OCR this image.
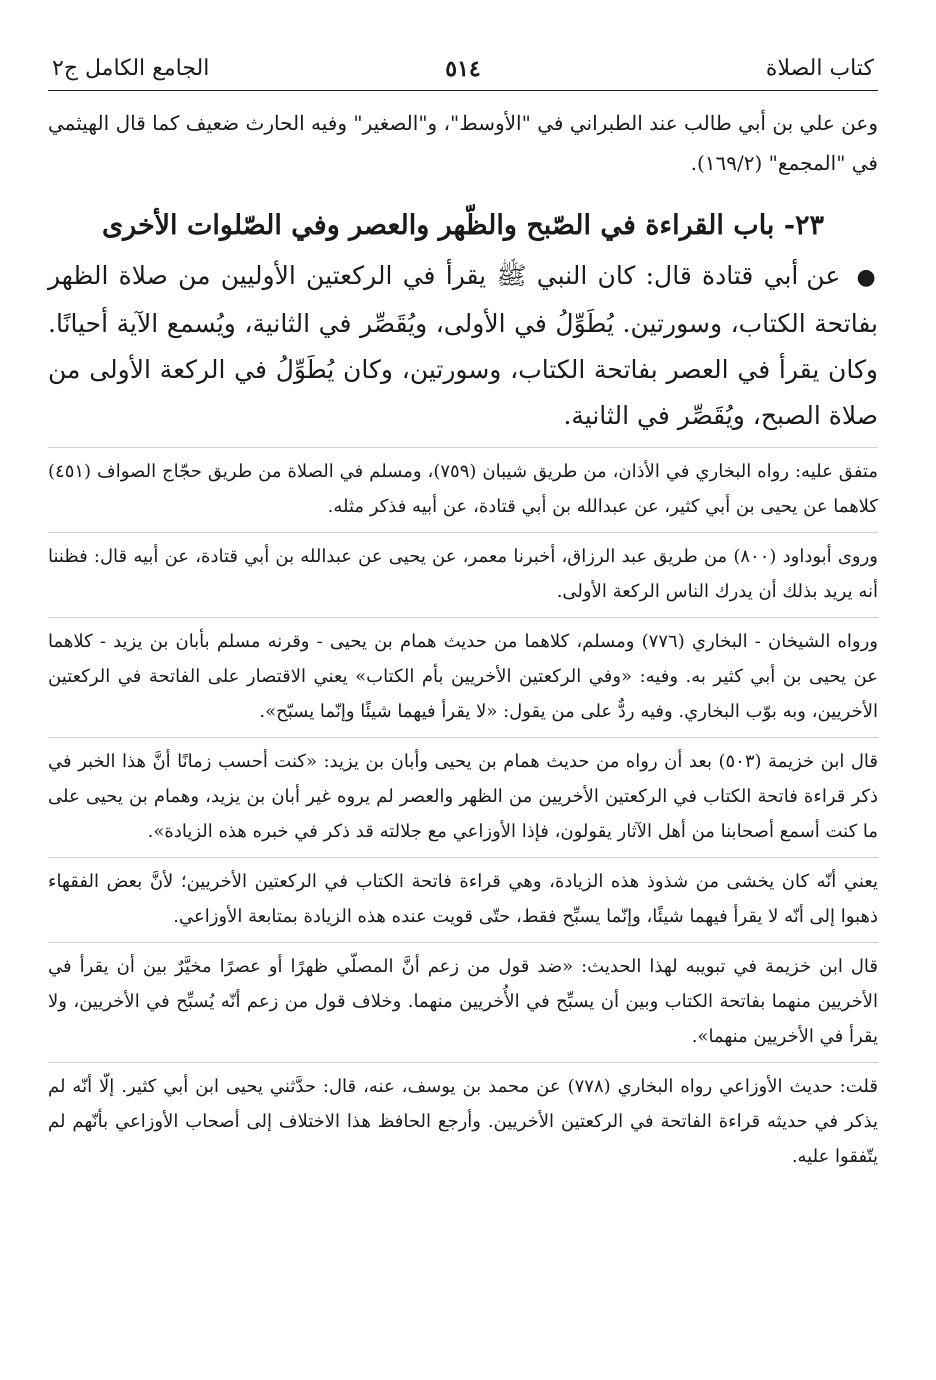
كتاب الصلاة
٥١٤
الجامع الكامل ج٢

وعن علي بن أبي طالب عند الطبراني في "الأوسط"، و"الصغير" وفيه الحارث ضعيف كما قال الهيثمي في "المجمع" (١٦٩/٢).

٢٣- باب القراءة في الصّبح والظّهر والعصر وفي الصّلوات الأخرى

● عن أبي قتادة قال: كان النبي ﷺ يقرأ في الركعتين الأوليين من صلاة الظهر بفاتحة الكتاب، وسورتين. يُطَوِّلُ في الأولى، ويُقَصِّر في الثانية، ويُسمع الآية أحيانًا. وكان يقرأ في العصر بفاتحة الكتاب، وسورتين، وكان يُطَوِّلُ في الركعة الأولى من صلاة الصبح، ويُقَصِّر في الثانية.

متفق عليه: رواه البخاري في الأذان، من طريق شيبان (٧٥٩)، ومسلم في الصلاة من طريق حجّاج الصواف (٤٥١) كلاهما عن يحيى بن أبي كثير، عن عبدالله بن أبي قتادة، عن أبيه فذكر مثله.

وروى أبوداود (٨٠٠) من طريق عبد الرزاق، أخبرنا معمر، عن يحيى عن عبدالله بن أبي قتادة، عن أبيه قال: فظننا أنه يريد بذلك أن يدرك الناس الركعة الأولى.

ورواه الشيخان - البخاري (٧٧٦) ومسلم، كلاهما من حديث همام بن يحيى - وقرنه مسلم بأبان بن يزيد - كلاهما عن يحيى بن أبي كثير به. وفيه: «وفي الركعتين الأخريين بأم الكتاب» يعني الاقتصار على الفاتحة في الركعتين الأخريين، وبه بوّب البخاري. وفيه ردٌّ على من يقول: «لا يقرأ فيهما شيئًا وإنّما يسبّح».

قال ابن خزيمة (٥٠٣) بعد أن رواه من حديث همام بن يحيى وأبان بن يزيد: «كنت أحسب زمانًا أنَّ هذا الخبر في ذكر قراءة فاتحة الكتاب في الركعتين الأخريين من الظهر والعصر لم يروه غير أبان بن يزيد، وهمام بن يحيى على ما كنت أسمع أصحابنا من أهل الآثار يقولون، فإذا الأوزاعي مع جلالته قد ذكر في خبره هذه الزيادة».

يعني أنّه كان يخشى من شذوذ هذه الزيادة، وهي قراءة فاتحة الكتاب في الركعتين الأخريين؛ لأنَّ بعض الفقهاء ذهبوا إلى أنّه لا يقرأ فيهما شيئًا، وإنّما يسبِّح فقط، حتّى قويت عنده هذه الزيادة بمتابعة الأوزاعي.

قال ابن خزيمة في تبويبه لهذا الحديث: «ضد قول من زعم أنَّ المصلّي ظهرًا أو عصرًا مخيَّرٌ بين أن يقرأ في الأخريين منهما بفاتحة الكتاب وبين أن يسبِّح في الأُخريين منهما. وخلاف قول من زعم أنّه يُسبِّح في الأخريين، ولا يقرأ في الأخريين منهما».

قلت: حديث الأوزاعي رواه البخاري (٧٧٨) عن محمد بن يوسف، عنه، قال: حدَّثني يحيى ابن أبي كثير. إلّا أنّه لم يذكر في حديثه قراءة الفاتحة في الركعتين الأخريين. وأرجع الحافظ هذا الاختلاف إلى أصحاب الأوزاعي بأنّهم لم يتّفقوا عليه.
